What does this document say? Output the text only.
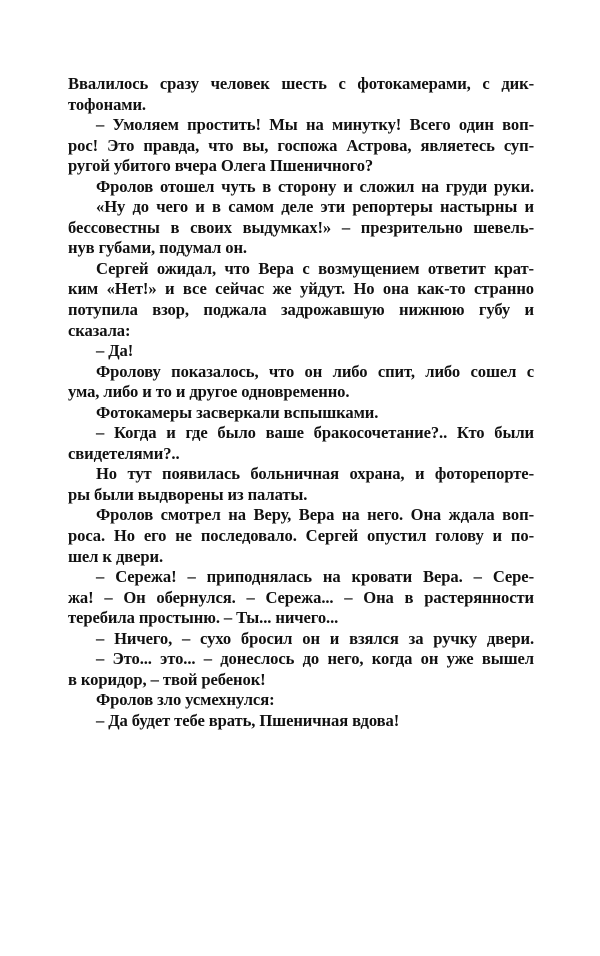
Ввалилось сразу человек шесть с фотокамерами, с дик-
тофонами.
– Умоляем простить! Мы на минутку! Всего один воп-
рос! Это правда, что вы, госпожа Астрова, являетесь суп-
ругой убитого вчера Олега Пшеничного?
Фролов отошел чуть в сторону и сложил на груди руки.
«Ну до чего и в самом деле эти репортеры настырны и
бессовестны в своих выдумках!» – презрительно шевель-
нув губами, подумал он.
Сергей ожидал, что Вера с возмущением ответит крат-
ким «Нет!» и все сейчас же уйдут. Но она как-то странно
потупила взор, поджала задрожавшую нижнюю губу и
сказала:
– Да!
Фролову показалось, что он либо спит, либо сошел с
ума, либо и то и другое одновременно.
Фотокамеры засверкали вспышками.
– Когда и где было ваше бракосочетание?.. Кто были
свидетелями?..
Но тут появилась больничная охрана, и фоторепорте-
ры были выдворены из палаты.
Фролов смотрел на Веру, Вера на него. Она ждала воп-
роса. Но его не последовало. Сергей опустил голову и по-
шел к двери.
– Сережа! – приподнялась на кровати Вера. – Сере-
жа! – Он обернулся. – Сережа... – Она в растерянности
теребила простыню. – Ты... ничего...
– Ничего, – сухо бросил он и взялся за ручку двери.
– Это... это... – донеслось до него, когда он уже вышел
в коридор, – твой ребенок!
Фролов зло усмехнулся:
– Да будет тебе врать, Пшеничная вдова!
